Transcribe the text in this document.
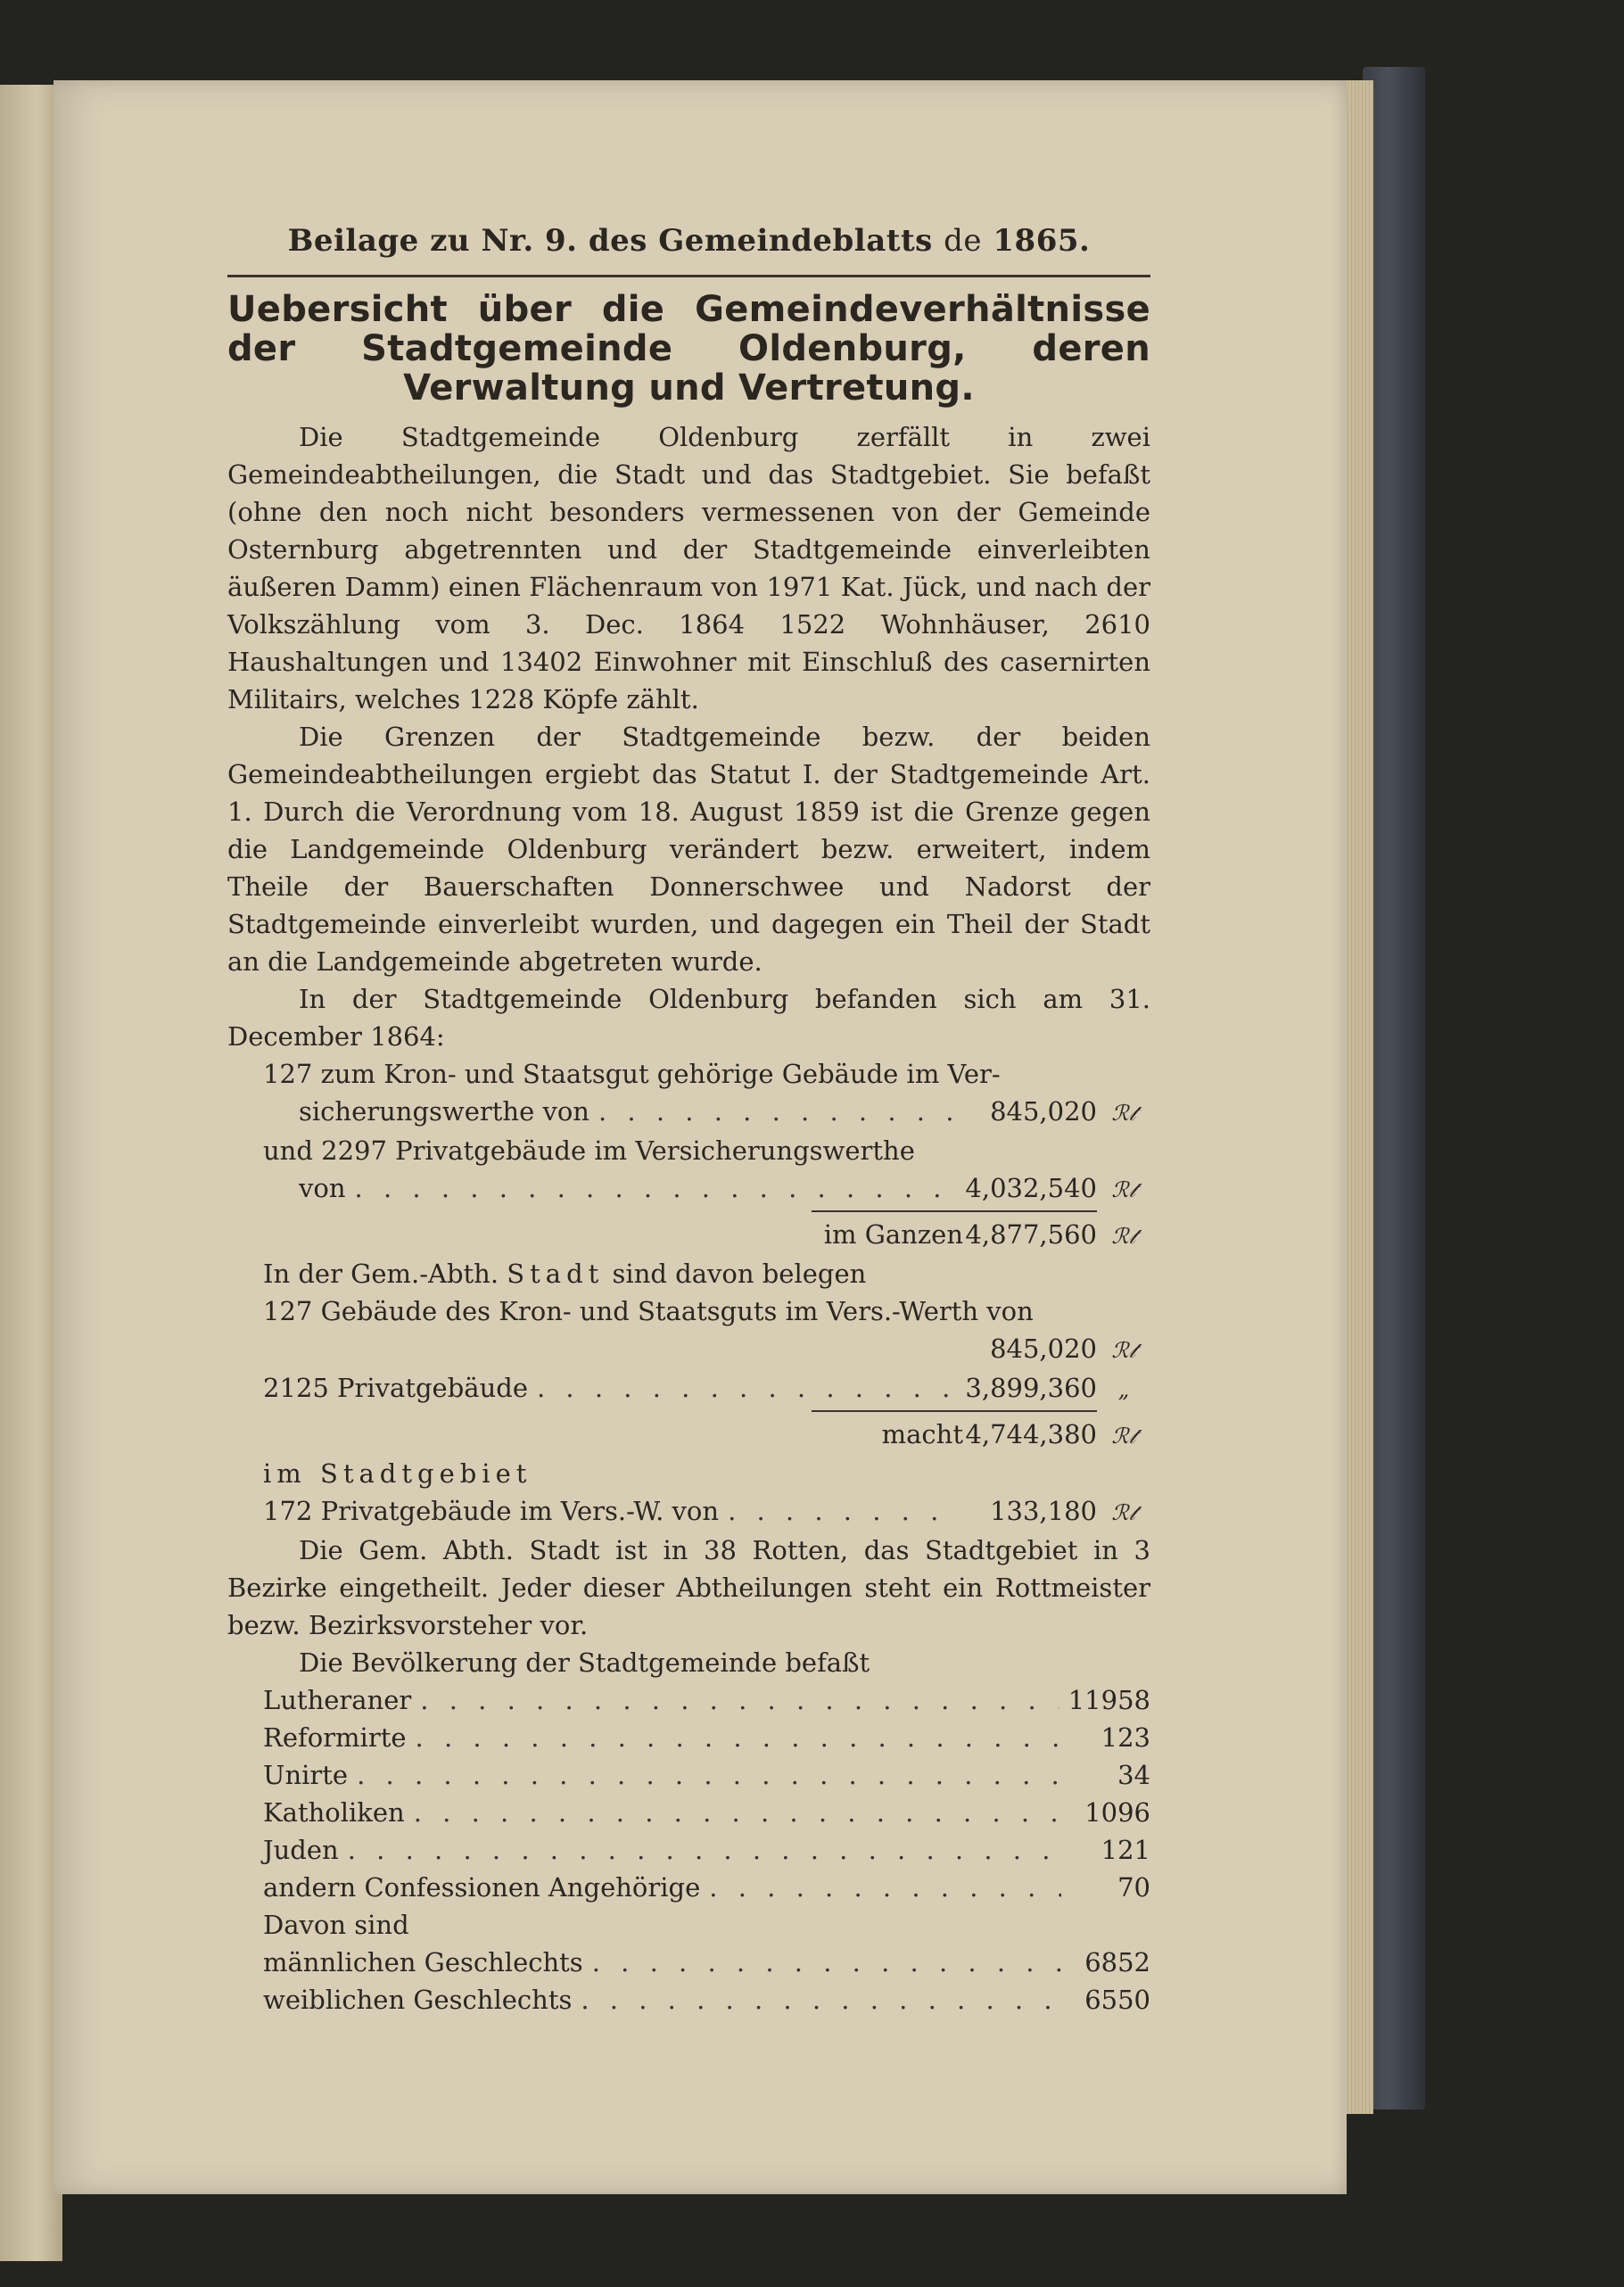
Beilage zu Nr. 9. des Gemeindeblatts de 1865.
Uebersicht über die Gemeindeverhältnisse der Stadtgemeinde Oldenburg, deren Verwaltung und Vertretung.

Die Stadtgemeinde Oldenburg zerfällt in zwei Gemeindeabtheilungen, die Stadt und das Stadtgebiet. Sie befaßt (ohne den noch nicht besonders vermessenen von der Gemeinde Osternburg abgetrennten und der Stadtgemeinde einverleibten äußeren Damm) einen Flächenraum von 1971 Kat. Jück, und nach der Volkszählung vom 3. Dec. 1864 1522 Wohnhäuser, 2610 Haushaltungen und 13402 Einwohner mit Einschluß des casernirten Militairs, welches 1228 Köpfe zählt.

Die Grenzen der Stadtgemeinde bezw. der beiden Gemeindeabtheilungen ergiebt das Statut I. der Stadtgemeinde Art. 1. Durch die Verordnung vom 18. August 1859 ist die Grenze gegen die Landgemeinde Oldenburg verändert bezw. erweitert, indem Theile der Bauerschaften Donnerschwee und Nadorst der Stadtgemeinde einverleibt wurden, und dagegen ein Theil der Stadt an die Landgemeinde abgetreten wurde.

In der Stadtgemeinde Oldenburg befanden sich am 31. December 1864:

127 zum Kron- und Staatsgut gehörige Gebäude im Ver-
sicherungswerthe von . . .	845,020 ℛ𝓉
und 2297 Privatgebäude im Versicherungswerthe
von . . .	4,032,540 ℛ𝓉
im Ganzen 4,877,560 ℛ𝓉
In der Gem.-Abth. Stadt sind davon belegen
127 Gebäude des Kron- und Staatsguts im Vers.-Werth von
845,020 ℛ𝓉
2125 Privatgebäude . . .	3,899,360 „
macht 4,744,380 ℛ𝓉
im Stadtgebiet
172 Privatgebäude im Vers.-W. von . . .	133,180 ℛ𝓉

Die Gem. Abth. Stadt ist in 38 Rotten, das Stadtgebiet in 3 Bezirke eingetheilt. Jeder dieser Abtheilungen steht ein Rottmeister bezw. Bezirksvorsteher vor.

Die Bevölkerung der Stadtgemeinde befaßt

Lutheraner . . .	11958
Reformirte . . .	123
Unirte . . .	34
Katholiken . . .	1096
Juden . . .	121
andern Confessionen Angehörige . . .	70
Davon sind
männlichen Geschlechts . . .	6852
weiblichen Geschlechts . . .	6550
